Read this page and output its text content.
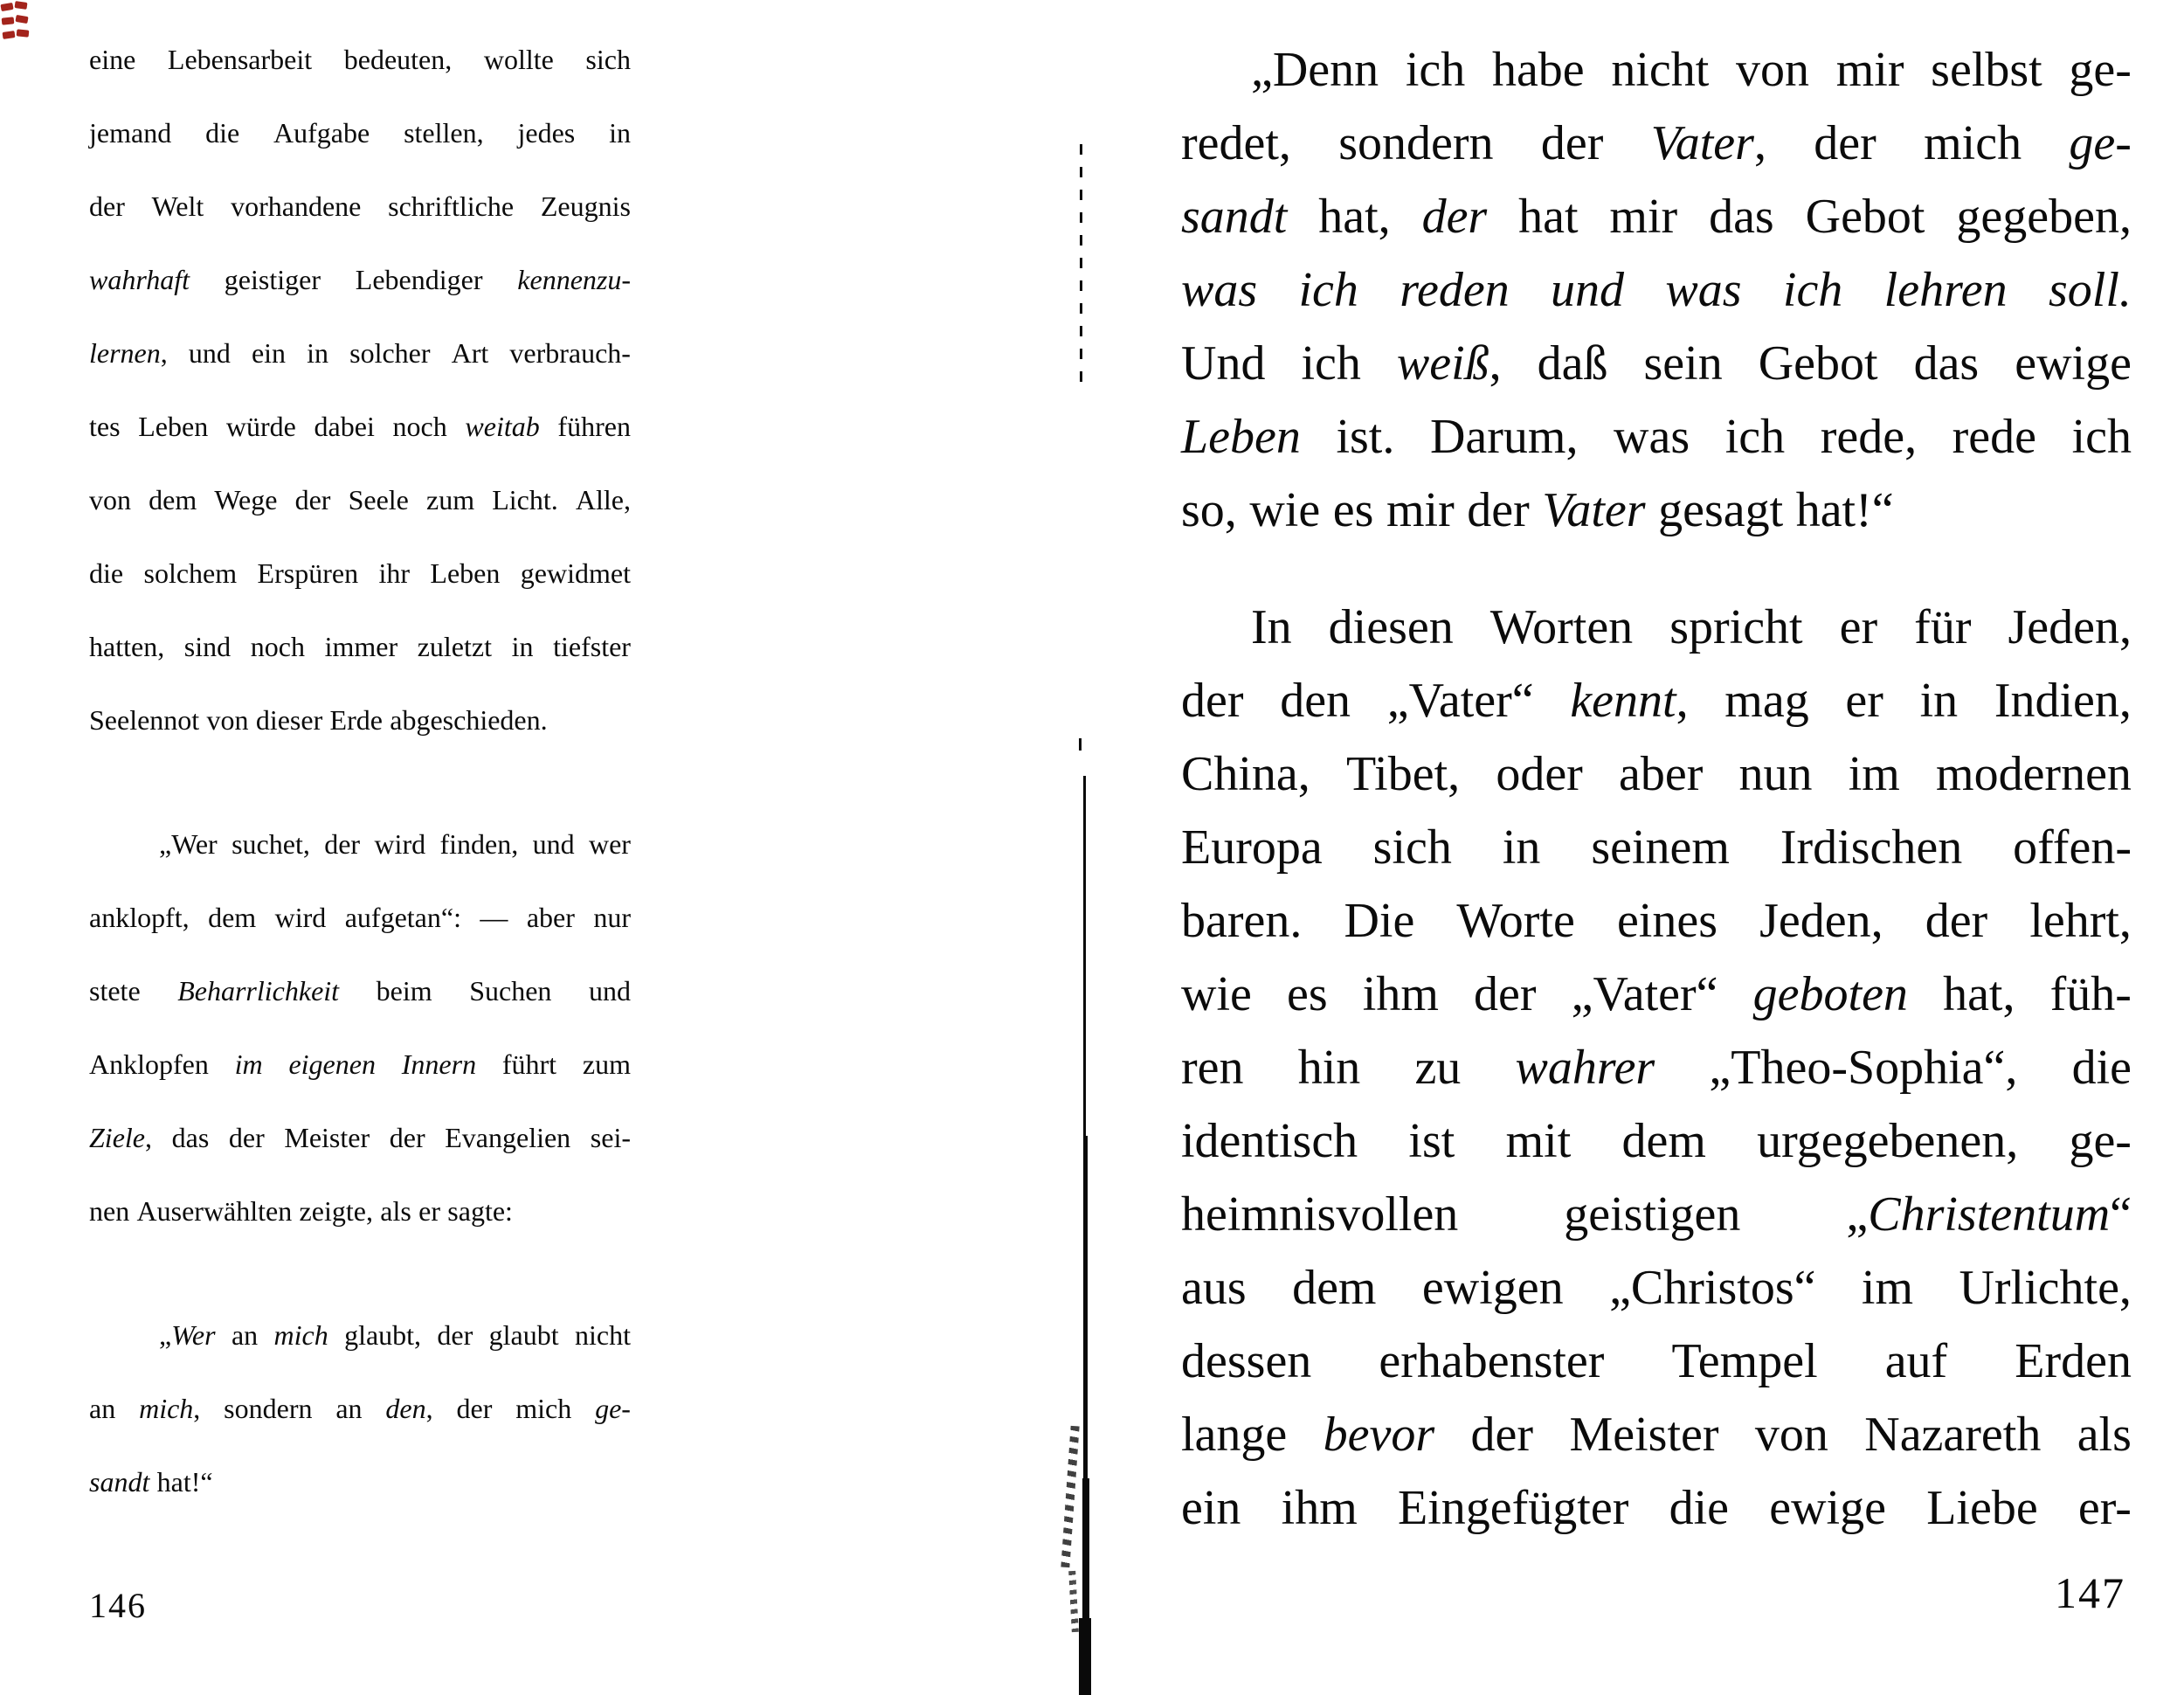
eine Lebensarbeit bedeuten, wollte sich
jemand die Aufgabe stellen, jedes in
der Welt vorhandene schriftliche Zeugnis
wahrhaft geistiger Lebendiger kennenzu-
lernen, und ein in solcher Art verbrauch-
tes Leben würde dabei noch weitab führen
von dem Wege der Seele zum Licht. Alle,
die solchem Erspüren ihr Leben gewidmet
hatten, sind noch immer zuletzt in tiefster
Seelennot von dieser Erde abgeschieden.
„Wer suchet, der wird finden, und wer
anklopft, dem wird aufgetan“: — aber nur
stete Beharrlichkeit beim Suchen und
Anklopfen im eigenen Innern führt zum
Ziele, das der Meister der Evangelien sei-
nen Auserwählten zeigte, als er sagte:
„Wer an mich glaubt, der glaubt nicht
an mich, sondern an den, der mich ge-
sandt hat!“
„Denn ich habe nicht von mir selbst ge-
redet, sondern der Vater, der mich ge-
sandt hat, der hat mir das Gebot gegeben,
was ich reden und was ich lehren soll.
Und ich weiß, daß sein Gebot das ewige
Leben ist. Darum, was ich rede, rede ich
so, wie es mir der Vater gesagt hat!“
In diesen Worten spricht er für Jeden,
der den „Vater“ kennt, mag er in Indien,
China, Tibet, oder aber nun im modernen
Europa sich in seinem Irdischen offen-
baren. Die Worte eines Jeden, der lehrt,
wie es ihm der „Vater“ geboten hat, füh-
ren hin zu wahrer „Theo-Sophia“, die
identisch ist mit dem urgegebenen, ge-
heimnisvollen geistigen „Christentum“
aus dem ewigen „Christos“ im Urlichte,
dessen erhabenster Tempel auf Erden
lange bevor der Meister von Nazareth als
ein ihm Eingefügter die ewige Liebe er-
146	147
